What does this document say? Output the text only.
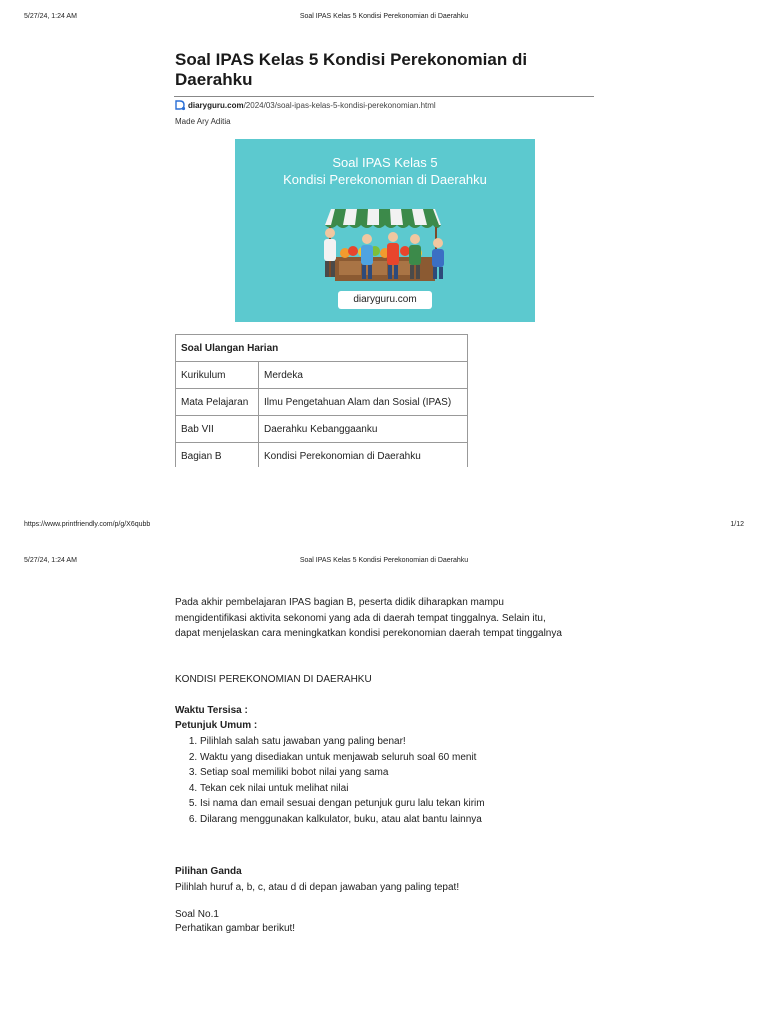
5/27/24, 1:24 AM	Soal IPAS Kelas 5 Kondisi Perekonomian di Daerahku
Soal IPAS Kelas 5 Kondisi Perekonomian di Daerahku
diaryguru.com /2024/03/soal-ipas-kelas-5-kondisi-perekonomian.html
Made Ary Aditia
Soal IPAS Kelas 5
Kondisi Perekonomian di Daerahku
diaryguru.com
Soal Ulangan Harian	
Kurikulum	Merdeka
Mata Pelajaran	Ilmu Pengetahuan Alam dan Sosial (IPAS)
Bab VII	Daerahku Kebanggaanku
Bagian B	Kondisi Perekonomian di Daerahku
https://www.printfriendly.com/p/g/X6qubb	1/12
5/27/24, 1:24 AM	Soal IPAS Kelas 5 Kondisi Perekonomian di Daerahku
Pada akhir pembelajaran IPAS bagian B, peserta didik diharapkan mampu mengidentifikasi aktivita sekonomi yang ada di daerah tempat tinggalnya. Selain itu, dapat menjelaskan cara meningkatkan kondisi perekonomian daerah tempat tinggalnya
KONDISI PEREKONOMIAN DI DAERAHKU
Waktu Tersisa :
Petunjuk Umum :
1. Pilihlah salah satu jawaban yang paling benar!
2. Waktu yang disediakan untuk menjawab seluruh soal 60 menit
3. Setiap soal memiliki bobot nilai yang sama
4. Tekan cek nilai untuk melihat nilai
5. Isi nama dan email sesuai dengan petunjuk guru lalu tekan kirim
6. Dilarang menggunakan kalkulator, buku, atau alat bantu lainnya
Pilihan Ganda
Pilihlah huruf a, b, c, atau d di depan jawaban yang paling tepat!
Soal No.1
Perhatikan gambar berikut!
